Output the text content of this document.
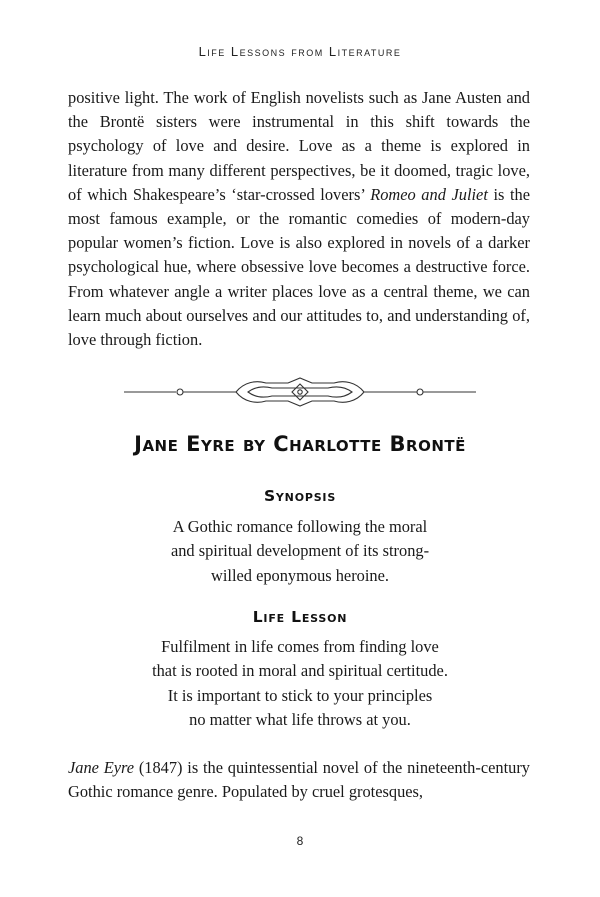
Life Lessons from Literature

positive light. The work of English novelists such as Jane Austen and the Brontë sisters were instrumental in this shift towards the psychology of love and desire. Love as a theme is explored in literature from many different perspectives, be it doomed, tragic love, of which Shakespeare’s ‘star-crossed lovers’ Romeo and Juliet is the most famous example, or the romantic comedies of modern-day popular women’s fiction. Love is also explored in novels of a darker psychological hue, where obsessive love becomes a destructive force. From whatever angle a writer places love as a central theme, we can learn much about ourselves and our attitudes to, and understanding of, love through fiction.

Jane Eyre by Charlotte Brontë
Synopsis
A Gothic romance following the moral
and spiritual development of its strong-
willed eponymous heroine.
Life Lesson
Fulfilment in life comes from finding love
that is rooted in moral and spiritual certitude.
It is important to stick to your principles
no matter what life throws at you.

Jane Eyre (1847) is the quintessential novel of the nineteenth-century Gothic romance genre. Populated by cruel grotesques,

8
